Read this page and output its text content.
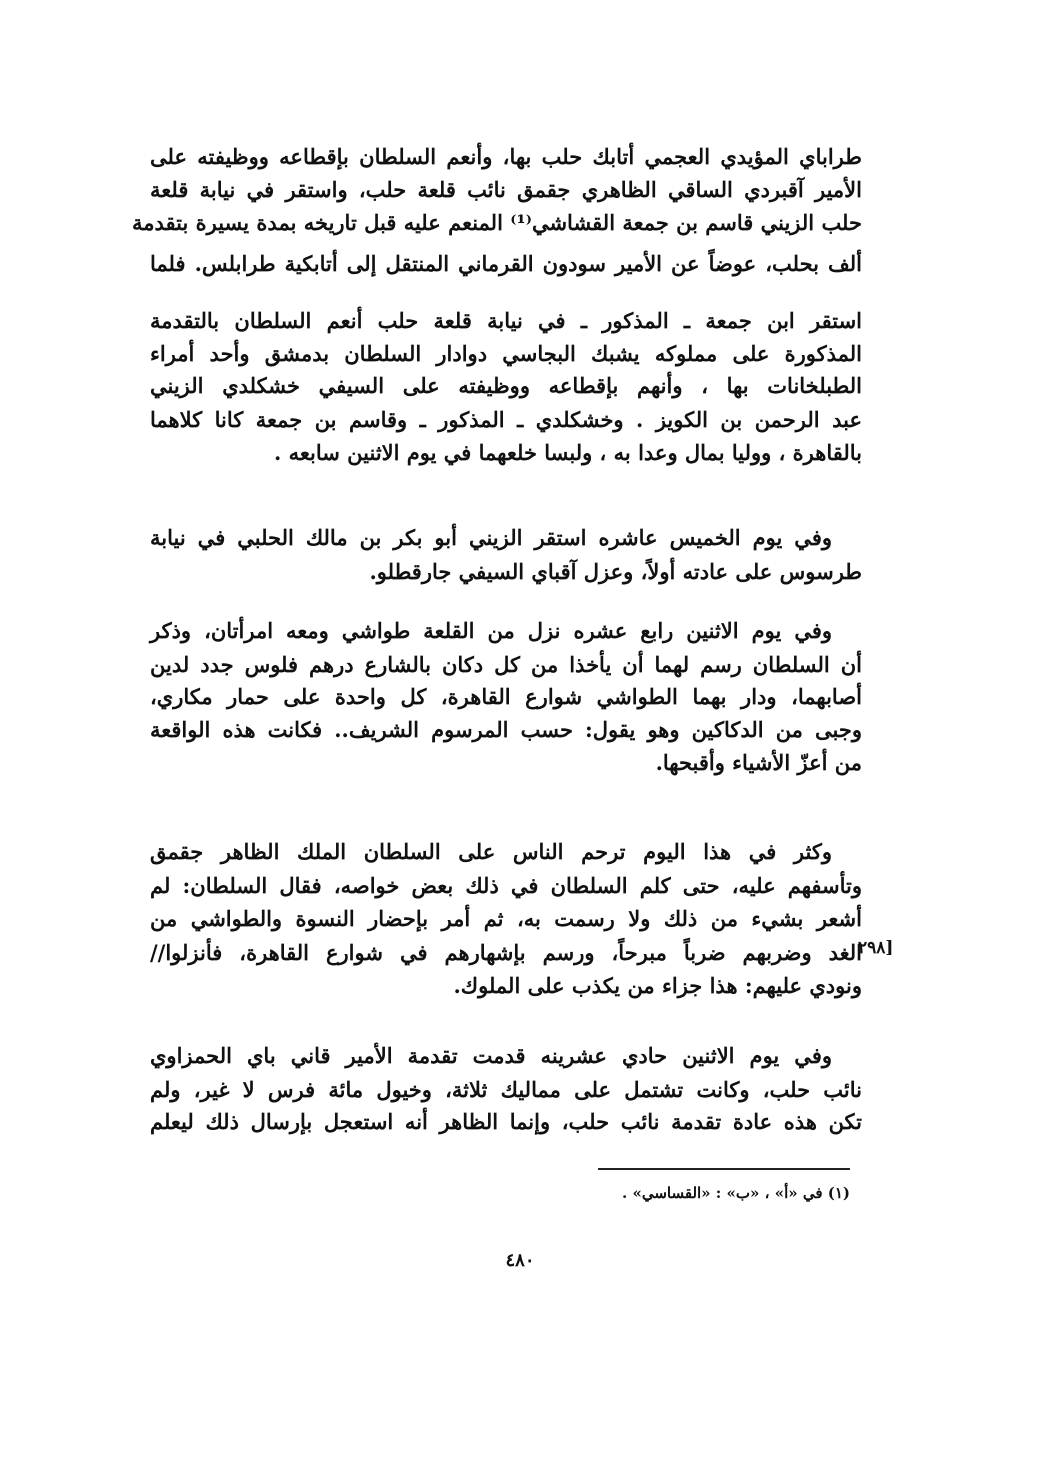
طراباي المؤيدي العجمي أتابك حلب بها، وأنعم السلطان بإقطاعه ووظيفته على
الأمير آقبردي الساقي الظاهري جقمق نائب قلعة حلب، واستقر في نيابة قلعة
حلب الزيني قاسم بن جمعة القشاشي⁽¹⁾ المنعم عليه قبل تاريخه بمدة يسيرة بتقدمة
ألف بحلب، عوضاً عن الأمير سودون القرماني المنتقل إلى أتابكية طرابلس. فلما
استقر ابن جمعة ـ المذكور ـ في نيابة قلعة حلب أنعم السلطان بالتقدمة
المذكورة على مملوكه يشبك البجاسي دوادار السلطان بدمشق وأحد أمراء
الطبلخانات بها ، وأنهم بإقطاعه ووظيفته على السيفي خشكلدي الزيني
عبد الرحمن بن الكويز . وخشكلدي ـ المذكور ـ وقاسم بن جمعة كانا كلاهما
بالقاهرة ، ووليا بمال وعدا به ، ولبسا خلعهما في يوم الاثنين سابعه .
وفي يوم الخميس عاشره استقر الزيني أبو بكر بن مالك الحلبي في نيابة
طرسوس على عادته أولاً، وعزل آقباي السيفي جارقطلو.
وفي يوم الاثنين رابع عشره نزل من القلعة طواشي ومعه امرأتان، وذكر
أن السلطان رسم لهما أن يأخذا من كل دكان بالشارع درهم فلوس جدد لدين
أصابهما، ودار بهما الطواشي شوارع القاهرة، كل واحدة على حمار مكاري،
وجبى من الدكاكين وهو يقول: حسب المرسوم الشريف.. فكانت هذه الواقعة
من أعزّ الأشياء وأقبحها.
وكثر في هذا اليوم ترحم الناس على السلطان الملك الظاهر جقمق
وتأسفهم عليه، حتى كلم السلطان في ذلك بعض خواصه، فقال السلطان: لم
أشعر بشيء من ذلك ولا رسمت به، ثم أمر بإحضار النسوة والطواشي من
الغد وضربهم ضرباً مبرحاً، ورسم بإشهارهم في شوارع القاهرة، فأنزلوا//
ونودي عليهم: هذا جزاء من يكذب على الملوك.
وفي يوم الاثنين حادي عشرينه قدمت تقدمة الأمير قاني باي الحمزاوي
نائب حلب، وكانت تشتمل على مماليك ثلاثة، وخيول مائة فرس لا غير، ولم
تكن هذه عادة تقدمة نائب حلب، وإنما الظاهر أنه استعجل بإرسال ذلك ليعلم
[٢٩٨
(١) في «أ» ، «ب» : «القساسي» .
٤٨٠
